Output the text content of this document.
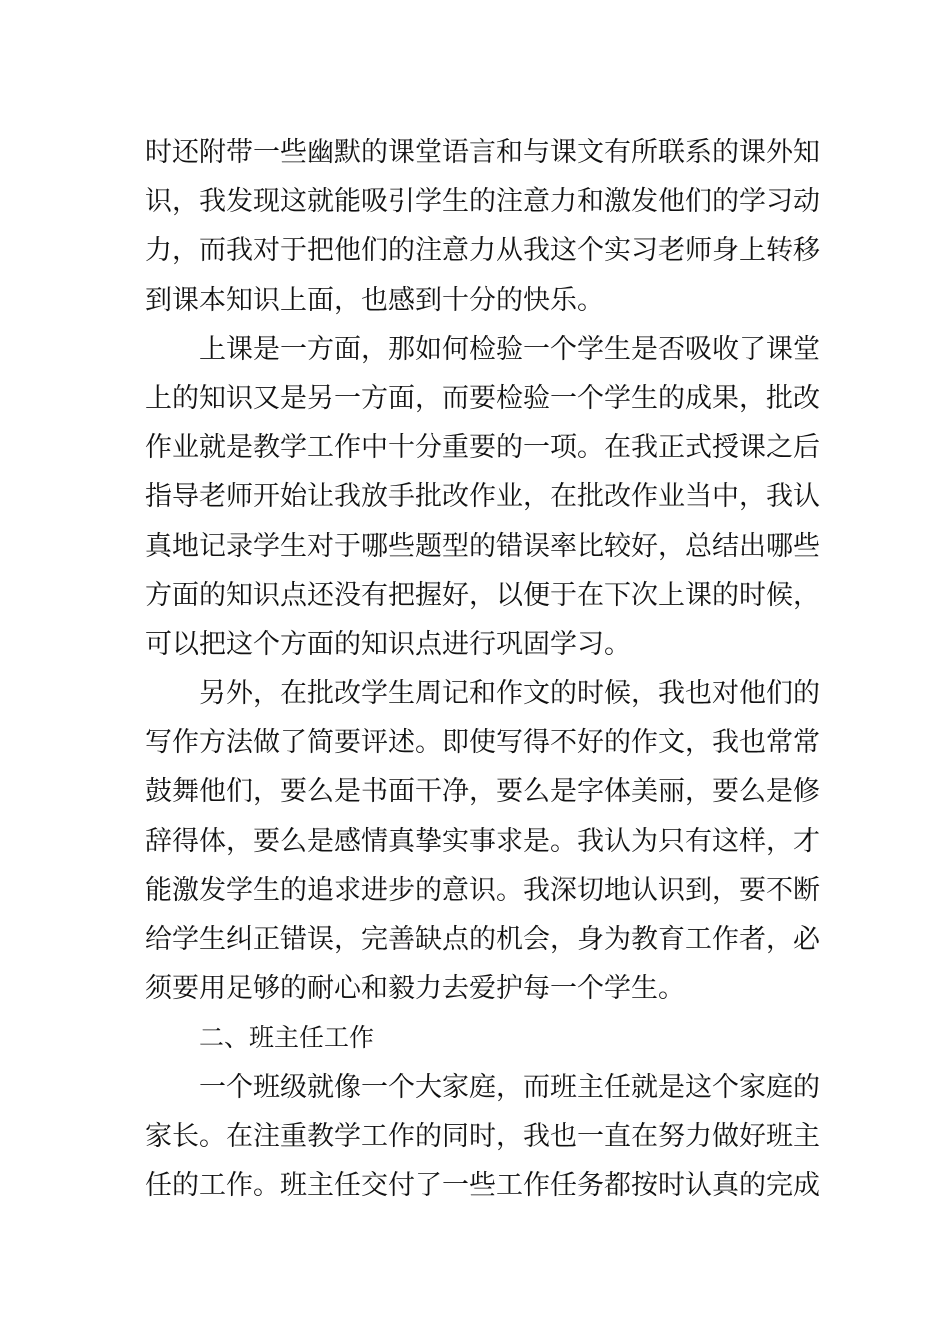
时还附带一些幽默的课堂语言和与课文有所联系的课外知
识，我发现这就能吸引学生的注意力和激发他们的学习动
力，而我对于把他们的注意力从我这个实习老师身上转移
到课本知识上面，也感到十分的快乐。
上课是一方面，那如何检验一个学生是否吸收了课堂
上的知识又是另一方面，而要检验一个学生的成果，批改
作业就是教学工作中十分重要的一项。在我正式授课之后
指导老师开始让我放手批改作业，在批改作业当中，我认
真地记录学生对于哪些题型的错误率比较好，总结出哪些
方面的知识点还没有把握好，以便于在下次上课的时候，
可以把这个方面的知识点进行巩固学习。
另外，在批改学生周记和作文的时候，我也对他们的
写作方法做了简要评述。即使写得不好的作文，我也常常
鼓舞他们，要么是书面干净，要么是字体美丽，要么是修
辞得体，要么是感情真挚实事求是。我认为只有这样，才
能激发学生的追求进步的意识。我深切地认识到，要不断
给学生纠正错误，完善缺点的机会，身为教育工作者，必
须要用足够的耐心和毅力去爱护每一个学生。
二、班主任工作
一个班级就像一个大家庭，而班主任就是这个家庭的
家长。在注重教学工作的同时，我也一直在努力做好班主
任的工作。班主任交付了一些工作任务都按时认真的完成
